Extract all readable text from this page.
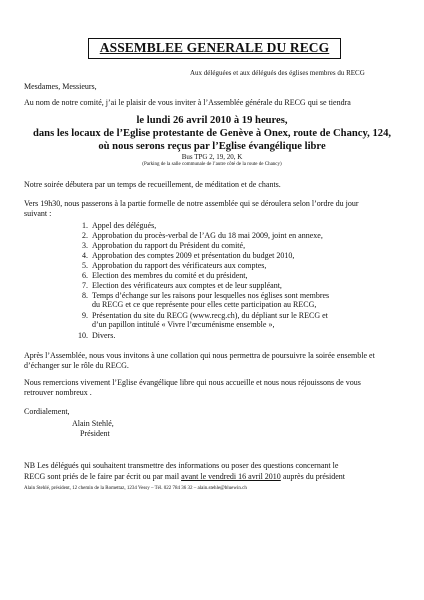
ASSEMBLEE GENERALE DU RECG
Aux déléguées et aux délégués des églises membres du RECG
Mesdames, Messieurs,
Au nom de notre comité, j’ai le plaisir de vous inviter à l’Assemblée générale du RECG qui se tiendra
le lundi 26 avril 2010 à 19 heures,
dans les locaux de l’Eglise protestante de Genève à Onex, route de Chancy, 124,
où nous serons reçus par l’Eglise évangélique libre
Bus TPG 2, 19, 20, K
(Parking de la salle communale de l’autre côté de la route de Chancy)
Notre soirée débutera par un temps de recueillement, de méditation et de chants.
Vers 19h30, nous passerons à la partie formelle de notre assemblée qui se déroulera selon l’ordre du jour
suivant :
1. Appel des délégués,
2. Approbation du procès-verbal de l’AG du 18 mai 2009, joint en annexe,
3. Approbation du rapport du Président du comité,
4. Approbation des comptes 2009 et présentation du budget 2010,
5. Approbation du rapport des vérificateurs aux comptes,
6. Election des membres du comité et du président,
7. Election des vérificateurs aux comptes et de leur suppléant,
8. Temps d’échange sur les raisons pour lesquelles nos églises sont membres
du RECG et ce que représente pour elles cette participation au RECG,
9. Présentation du site du RECG (www.recg.ch), du dépliant sur le RECG et
d’un papillon intitulé « Vivre l’œcuménisme ensemble »,
10. Divers.
Après l’Assemblée, nous vous invitons à une collation qui nous permettra de poursuivre la soirée ensemble et
d’échanger sur le rôle du RECG.
Nous remercions vivement l’Eglise évangélique libre qui nous accueille et nous nous réjouissons de vous
retrouver nombreux .
Cordialement,
Alain Stehlé,
Président
NB Les délégués qui souhaitent transmettre des informations ou poser des questions concernant le
RECG sont priés de le faire par écrit ou par mail avant le vendredi 16 avril 2010 auprès du président
Alain Stehlé, président, 12 chemin de la Romettaz, 1234 Vessy – Tél. 022 784 36 32 – alain.stehle@bluewin.ch
